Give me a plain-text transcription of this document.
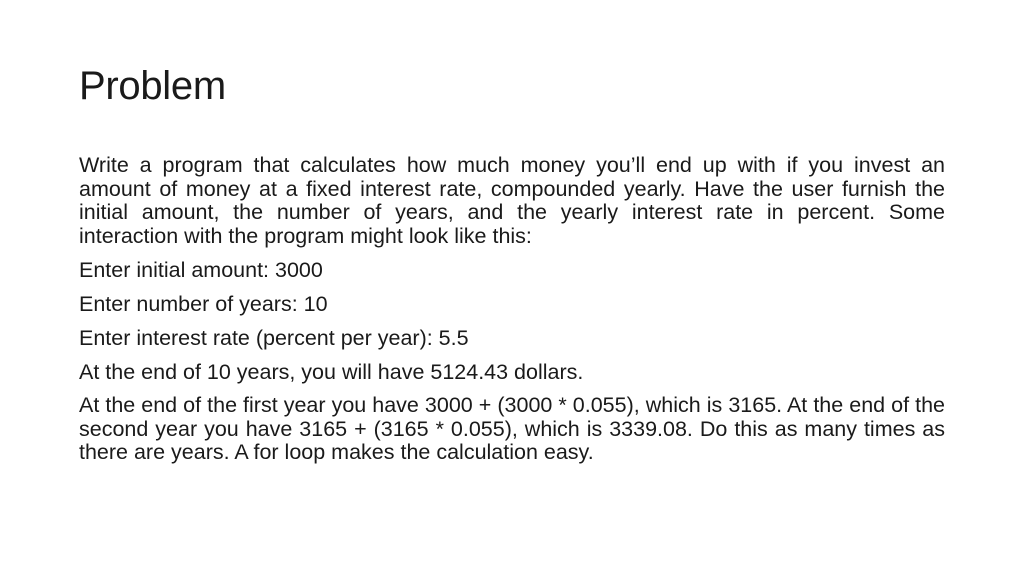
Problem

Write a program that calculates how much money you’ll end up with if you invest an amount of money at a fixed interest rate, compounded yearly. Have the user furnish the initial amount, the number of years, and the yearly interest rate in percent. Some interaction with the program might look like this:

Enter initial amount: 3000

Enter number of years: 10

Enter interest rate (percent per year): 5.5

At the end of 10 years, you will have 5124.43 dollars.

At the end of the first year you have 3000 + (3000 * 0.055), which is 3165. At the end of the second year you have 3165 + (3165 * 0.055), which is 3339.08. Do this as many times as there are years. A for loop makes the calculation easy.
